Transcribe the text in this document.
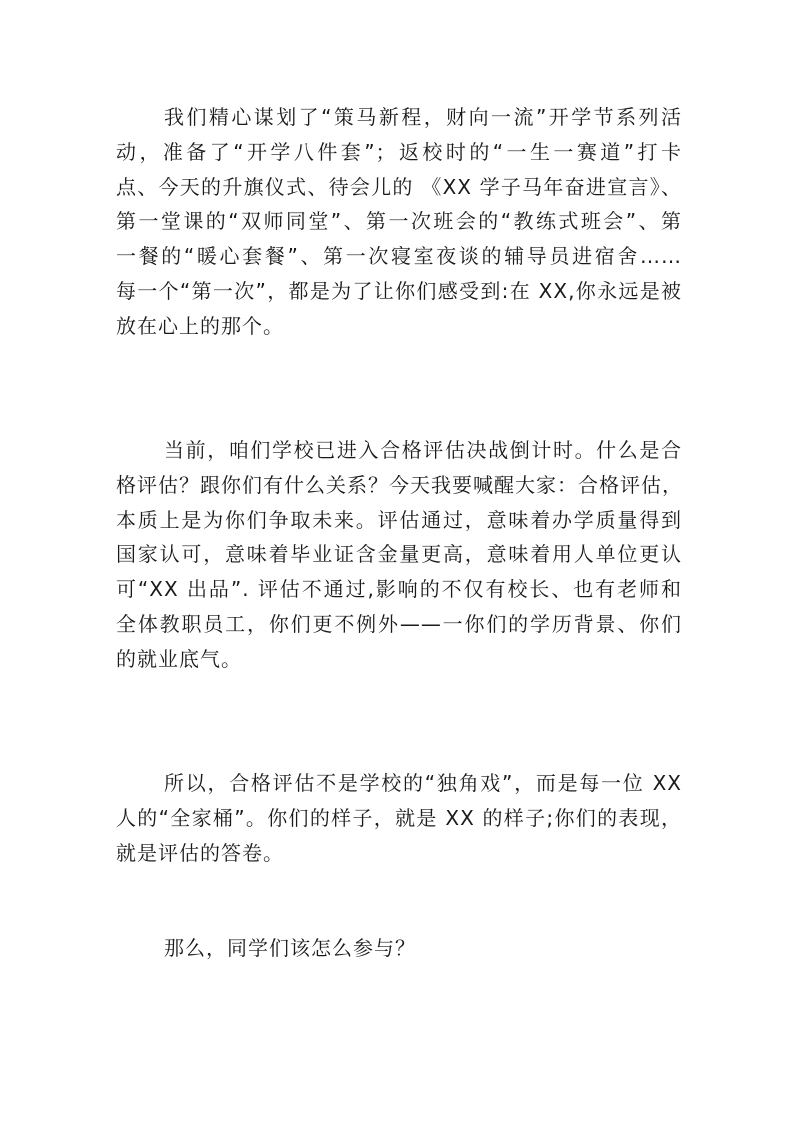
我们精心谋划了“策马新程，财向一流”开学节系列活
动，准备了“开学八件套”；返校时的“一生一赛道”打卡
点、今天的升旗仪式、待会儿的 《XX 学子马年奋进宣言》、
第一堂课的“双师同堂”、第一次班会的“教练式班会”、第
一餐的“暖心套餐”、第一次寝室夜谈的辅导员进宿舍……
每一个“第一次”，都是为了让你们感受到:在 XX,你永远是被
放在心上的那个。
当前，咱们学校已进入合格评估决战倒计时。什么是合
格评估？跟你们有什么关系？今天我要喊醒大家：合格评估，
本质上是为你们争取未来。评估通过，意味着办学质量得到
国家认可，意味着毕业证含金量更高，意味着用人单位更认
可“XX 出品”. 评估不通过,影响的不仅有校长、也有老师和
全体教职员工，你们更不例外——一你们的学历背景、你们
的就业底气。
所以，合格评估不是学校的“独角戏”，而是每一位 XX
人的“全家桶”。你们的样子，就是 XX 的样子;你们的表现，
就是评估的答卷。
那么，同学们该怎么参与？
